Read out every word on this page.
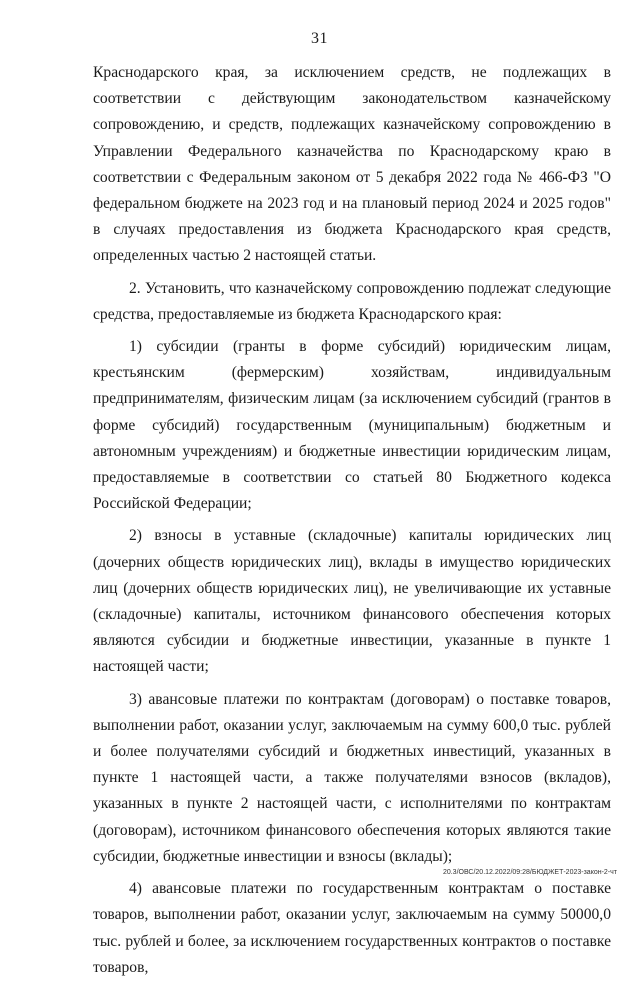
31

Краснодарского края, за исключением средств, не подлежащих в соответствии с действующим законодательством казначейскому сопровождению, и средств, подлежащих казначейскому сопровождению в Управлении Федерального казначейства по Краснодарскому краю в соответствии с Федеральным законом от 5 декабря 2022 года № 466-ФЗ "О федеральном бюджете на 2023 год и на плановый период 2024 и 2025 годов" в случаях предоставления из бюджета Краснодарского края средств, определенных частью 2 настоящей статьи.

2. Установить, что казначейскому сопровождению подлежат следующие средства, предоставляемые из бюджета Краснодарского края:

1) субсидии (гранты в форме субсидий) юридическим лицам, крестьянским (фермерским) хозяйствам, индивидуальным предпринимателям, физическим лицам (за исключением субсидий (грантов в форме субсидий) государственным (муниципальным) бюджетным и автономным учреждениям) и бюджетные инвестиции юридическим лицам, предоставляемые в соответствии со статьей 80 Бюджетного кодекса Российской Федерации;

2) взносы в уставные (складочные) капиталы юридических лиц (дочерних обществ юридических лиц), вклады в имущество юридических лиц (дочерних обществ юридических лиц), не увеличивающие их уставные (складочные) капиталы, источником финансового обеспечения которых являются субсидии и бюджетные инвестиции, указанные в пункте 1 настоящей части;

3) авансовые платежи по контрактам (договорам) о поставке товаров, выполнении работ, оказании услуг, заключаемым на сумму 600,0 тыс. рублей и более получателями субсидий и бюджетных инвестиций, указанных в пункте 1 настоящей части, а также получателями взносов (вкладов), указанных в пункте 2 настоящей части, с исполнителями по контрактам (договорам), источником финансового обеспечения которых являются такие субсидии, бюджетные инвестиции и взносы (вклады);

4) авансовые платежи по государственным контрактам о поставке товаров, выполнении работ, оказании услуг, заключаемым на сумму 50000,0 тыс. рублей и более, за исключением государственных контрактов о поставке товаров,

20.3/ОВС/20.12.2022/09:28/БЮДЖЕТ-2023-закон-2-чт
